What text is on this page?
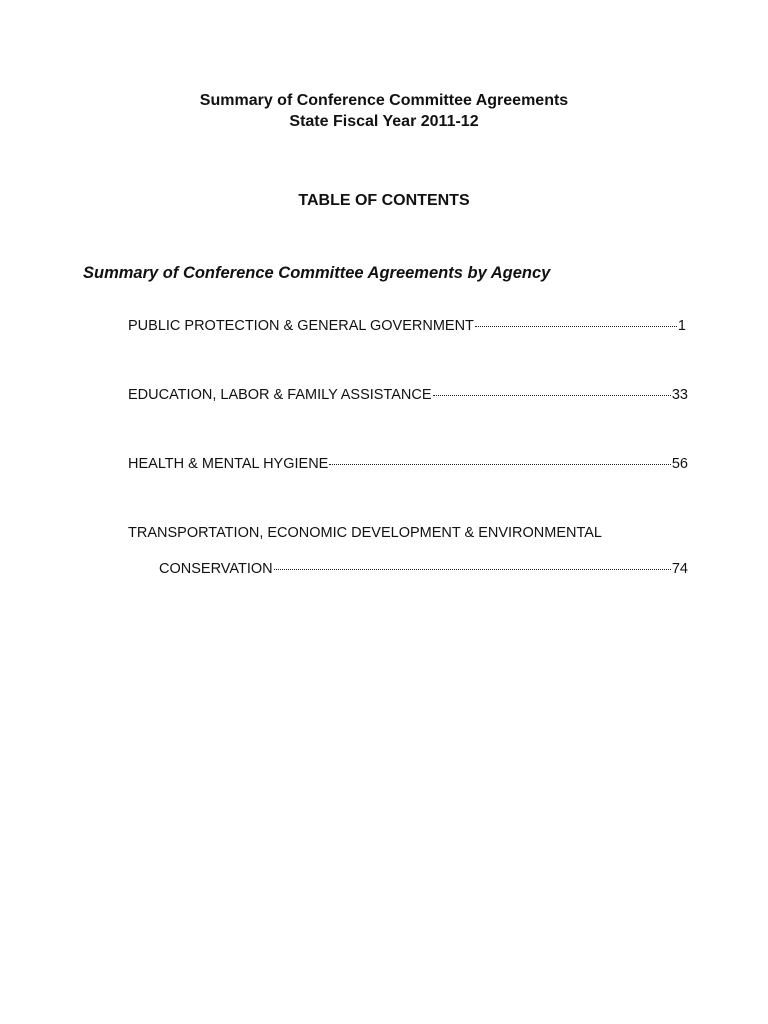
Summary of Conference Committee Agreements
State Fiscal Year 2011-12
TABLE OF CONTENTS
Summary of Conference Committee Agreements by Agency
PUBLIC PROTECTION & GENERAL GOVERNMENT	1
EDUCATION, LABOR & FAMILY ASSISTANCE	33
HEALTH & MENTAL HYGIENE	56
TRANSPORTATION, ECONOMIC DEVELOPMENT & ENVIRONMENTAL
CONSERVATION	74
